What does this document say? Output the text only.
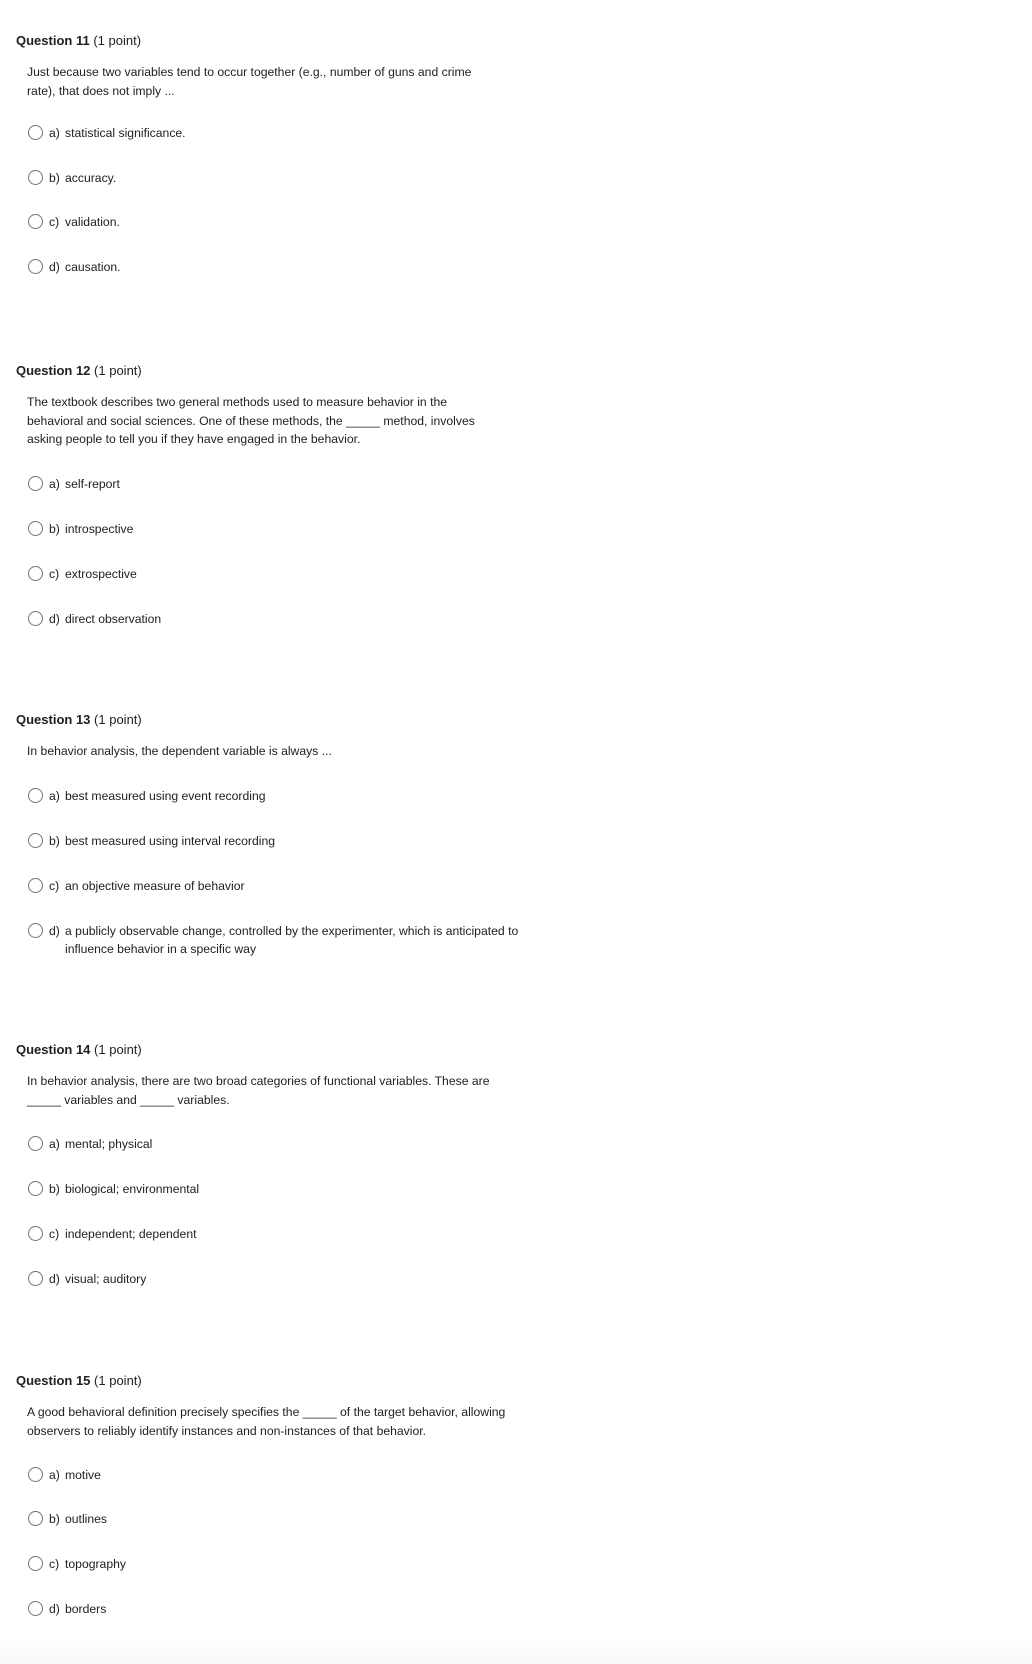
Question 11 (1 point)

Just because two variables tend to occur together (e.g., number of guns and crime rate), that does not imply ...

a) statistical significance.
b) accuracy.
c) validation.
d) causation.
Question 12 (1 point)

The textbook describes two general methods used to measure behavior in the behavioral and social sciences. One of these methods, the _____ method, involves asking people to tell you if they have engaged in the behavior.

a) self-report
b) introspective
c) extrospective
d) direct observation
Question 13 (1 point)

In behavior analysis, the dependent variable is always ...

a) best measured using event recording
b) best measured using interval recording
c) an objective measure of behavior
d) a publicly observable change, controlled by the experimenter, which is anticipated to influence behavior in a specific way
Question 14 (1 point)

In behavior analysis, there are two broad categories of functional variables. These are _____ variables and _____ variables.

a) mental; physical
b) biological; environmental
c) independent; dependent
d) visual; auditory
Question 15 (1 point)

A good behavioral definition precisely specifies the _____ of the target behavior, allowing observers to reliably identify instances and non-instances of that behavior.

a) motive
b) outlines
c) topography
d) borders
